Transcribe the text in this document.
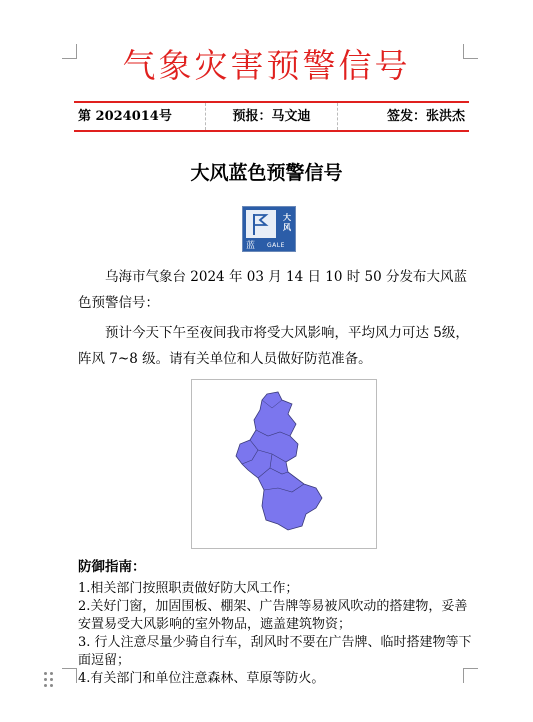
气象灾害预警信号
第 2024014号	预报：马文迪	签发：张洪杰
大风蓝色预警信号
大
风
蓝 GALE

乌海市气象台 2024 年 03 月 14 日 10 时 50 分发布大风蓝色预警信号：

预计今天下午至夜间我市将受大风影响，平均风力可达 5级，阵风 7~8 级。请有关单位和人员做好防范准备。

防御指南：

1.相关部门按照职责做好防大风工作；

2.关好门窗，加固围板、棚架、广告牌等易被风吹动的搭建物，妥善安置易受大风影响的室外物品，遮盖建筑物资；

3. 行人注意尽量少骑自行车，刮风时不要在广告牌、临时搭建物等下面逗留；

4.有关部门和单位注意森林、草原等防火。
